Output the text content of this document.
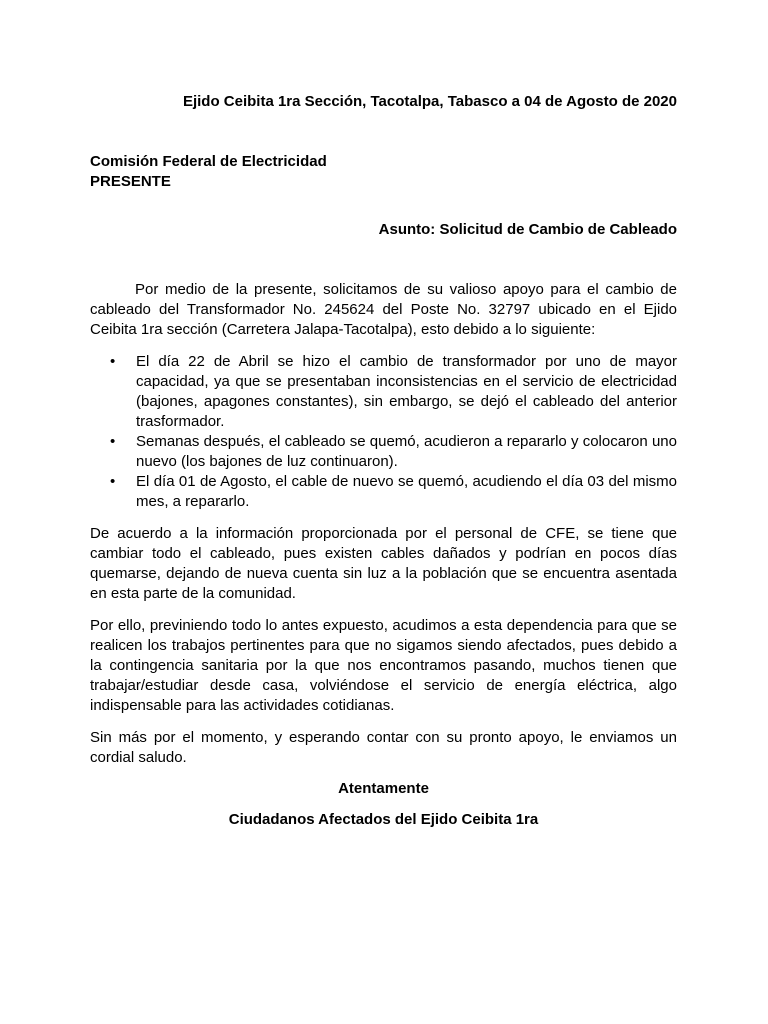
Ejido Ceibita 1ra Sección, Tacotalpa, Tabasco a 04 de Agosto de 2020

Comisión Federal de Electricidad
PRESENTE

Asunto: Solicitud de Cambio de Cableado

Por medio de la presente, solicitamos de su valioso apoyo para el cambio de cableado del Transformador No. 245624 del Poste No. 32797 ubicado en el Ejido Ceibita 1ra sección (Carretera Jalapa-Tacotalpa), esto debido a lo siguiente:

• El día 22 de Abril se hizo el cambio de transformador por uno de mayor capacidad, ya que se presentaban inconsistencias en el servicio de electricidad (bajones, apagones constantes), sin embargo, se dejó el cableado del anterior trasformador.
• Semanas después, el cableado se quemó, acudieron a repararlo y colocaron uno nuevo (los bajones de luz continuaron).
• El día 01 de Agosto, el cable de nuevo se quemó, acudiendo el día 03 del mismo mes, a repararlo.

De acuerdo a la información proporcionada por el personal de CFE, se tiene que cambiar todo el cableado, pues existen cables dañados y podrían en pocos días quemarse, dejando de nueva cuenta sin luz a la población que se encuentra asentada en esta parte de la comunidad.

Por ello, previniendo todo lo antes expuesto, acudimos a esta dependencia para que se realicen los trabajos pertinentes para que no sigamos siendo afectados, pues debido a la contingencia sanitaria por la que nos encontramos pasando, muchos tienen que trabajar/estudiar desde casa, volviéndose el servicio de energía eléctrica, algo indispensable para las actividades cotidianas.

Sin más por el momento, y esperando contar con su pronto apoyo, le enviamos un cordial saludo.

Atentamente

Ciudadanos Afectados del Ejido Ceibita 1ra
